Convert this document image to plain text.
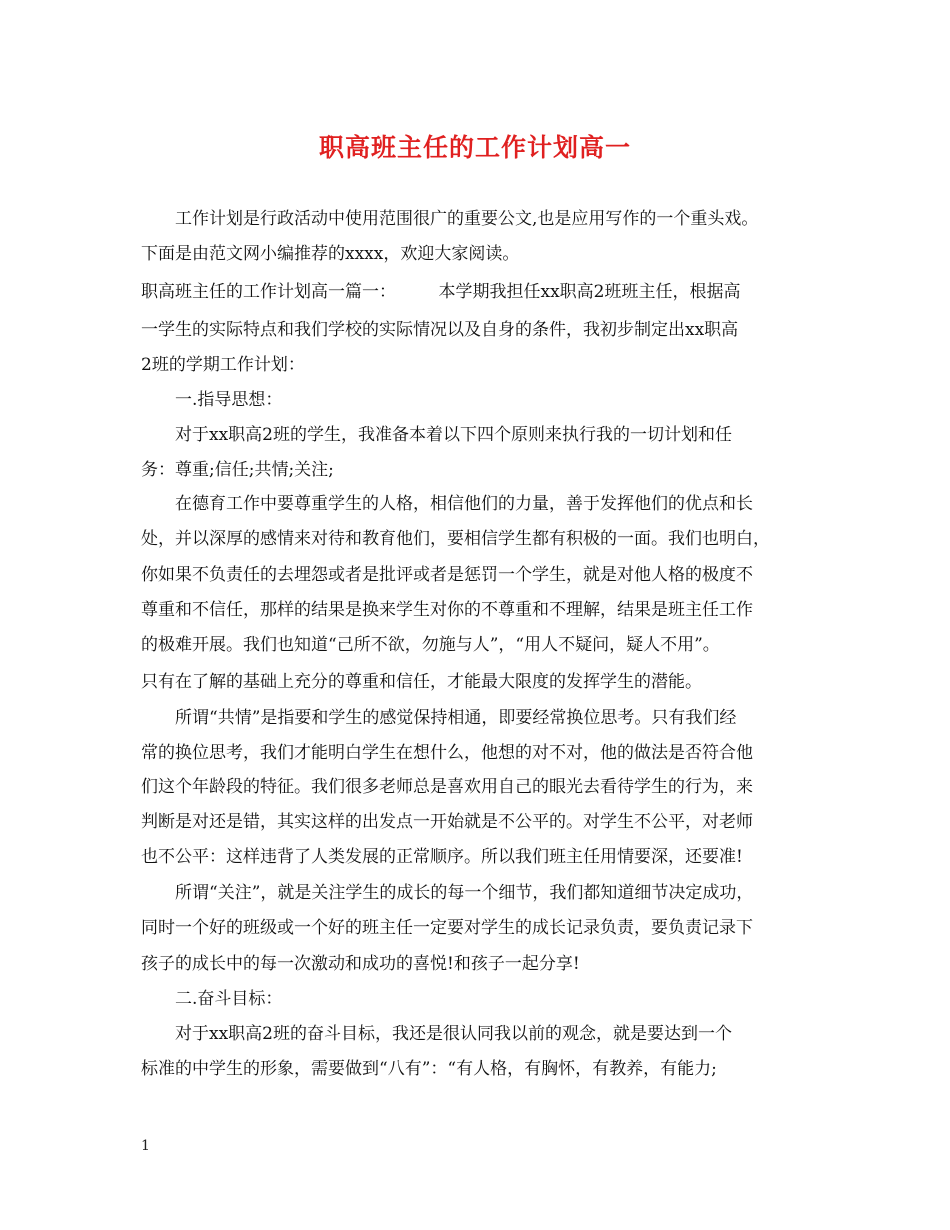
职高班主任的工作计划高一
工作计划是行政活动中使用范围很广的重要公文,也是应用写作的一个重头戏。
下面是由范文网小编推荐的xxxx，欢迎大家阅读。
职高班主任的工作计划高一篇一：　　　本学期我担任xx职高2班班主任，根据高
一学生的实际特点和我们学校的实际情况以及自身的条件，我初步制定出xx职高
2班的学期工作计划：
一.指导思想：
对于xx职高2班的学生，我准备本着以下四个原则来执行我的一切计划和任
务：尊重;信任;共情;关注;
在德育工作中要尊重学生的人格，相信他们的力量，善于发挥他们的优点和长
处，并以深厚的感情来对待和教育他们，要相信学生都有积极的一面。我们也明白，
你如果不负责任的去埋怨或者是批评或者是惩罚一个学生，就是对他人格的极度不
尊重和不信任，那样的结果是换来学生对你的不尊重和不理解，结果是班主任工作
的极难开展。我们也知道“己所不欲，勿施与人”，“用人不疑问，疑人不用”。
只有在了解的基础上充分的尊重和信任，才能最大限度的发挥学生的潜能。
所谓“共情”是指要和学生的感觉保持相通，即要经常换位思考。只有我们经
常的换位思考，我们才能明白学生在想什么，他想的对不对，他的做法是否符合他
们这个年龄段的特征。我们很多老师总是喜欢用自己的眼光去看待学生的行为，来
判断是对还是错，其实这样的出发点一开始就是不公平的。对学生不公平，对老师
也不公平：这样违背了人类发展的正常顺序。所以我们班主任用情要深，还要准!
所谓“关注”，就是关注学生的成长的每一个细节，我们都知道细节决定成功，
同时一个好的班级或一个好的班主任一定要对学生的成长记录负责，要负责记录下
孩子的成长中的每一次激动和成功的喜悦!和孩子一起分享!
二.奋斗目标：
对于xx职高2班的奋斗目标，我还是很认同我以前的观念，就是要达到一个
标准的中学生的形象，需要做到“八有”：“有人格，有胸怀，有教养，有能力;
1
